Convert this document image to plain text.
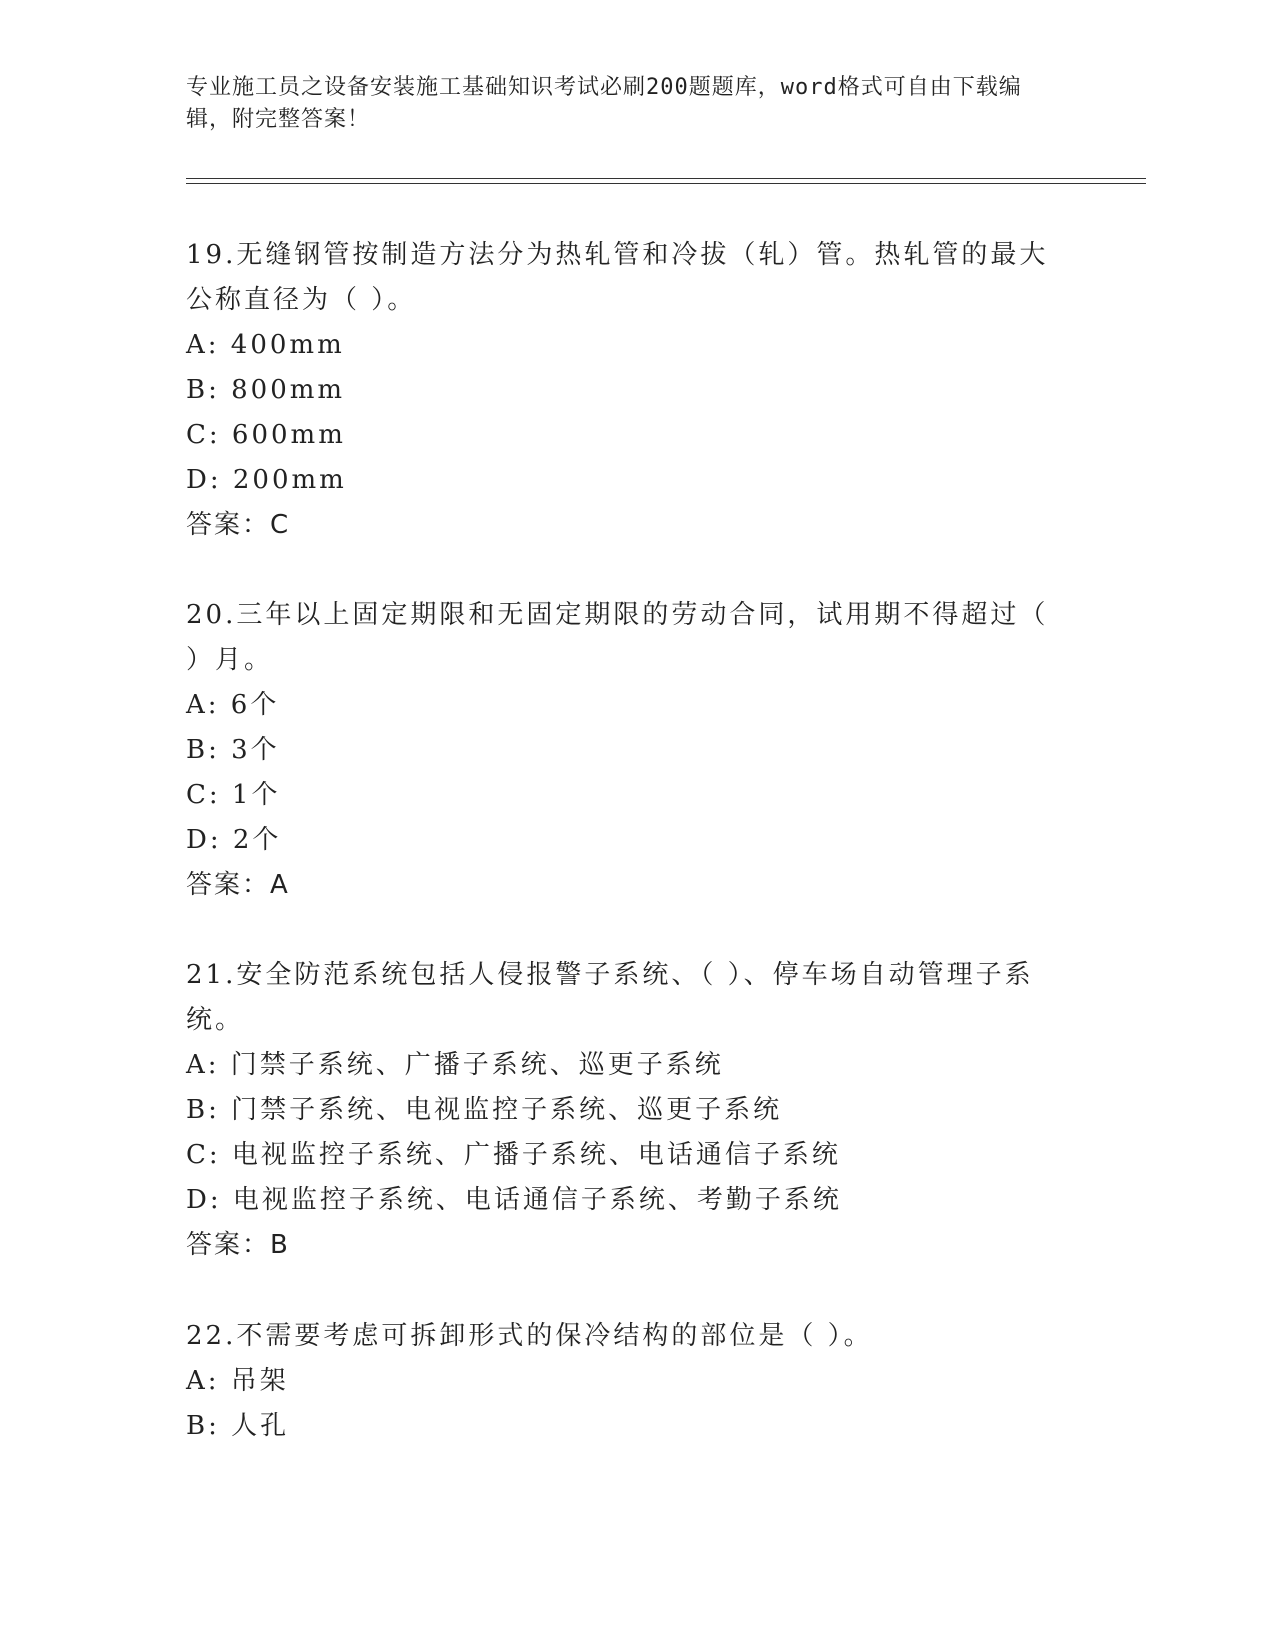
专业施工员之设备安装施工基础知识考试必刷200题题库，word格式可自由下载编辑，附完整答案！
19.无缝钢管按制造方法分为热轧管和冷拔（轧）管。热轧管的最大公称直径为（ ）。
A: 400mm
B: 800mm
C: 600mm
D: 200mm
答案：C
20.三年以上固定期限和无固定期限的劳动合同，试用期不得超过（ ）月。
A: 6个
B: 3个
C: 1个
D: 2个
答案：A
21.安全防范系统包括人侵报警子系统、（ ）、停车场自动管理子系统。
A: 门禁子系统、广播子系统、巡更子系统
B: 门禁子系统、电视监控子系统、巡更子系统
C: 电视监控子系统、广播子系统、电话通信子系统
D: 电视监控子系统、电话通信子系统、考勤子系统
答案：B
22.不需要考虑可拆卸形式的保冷结构的部位是（ ）。
A: 吊架
B: 人孔
